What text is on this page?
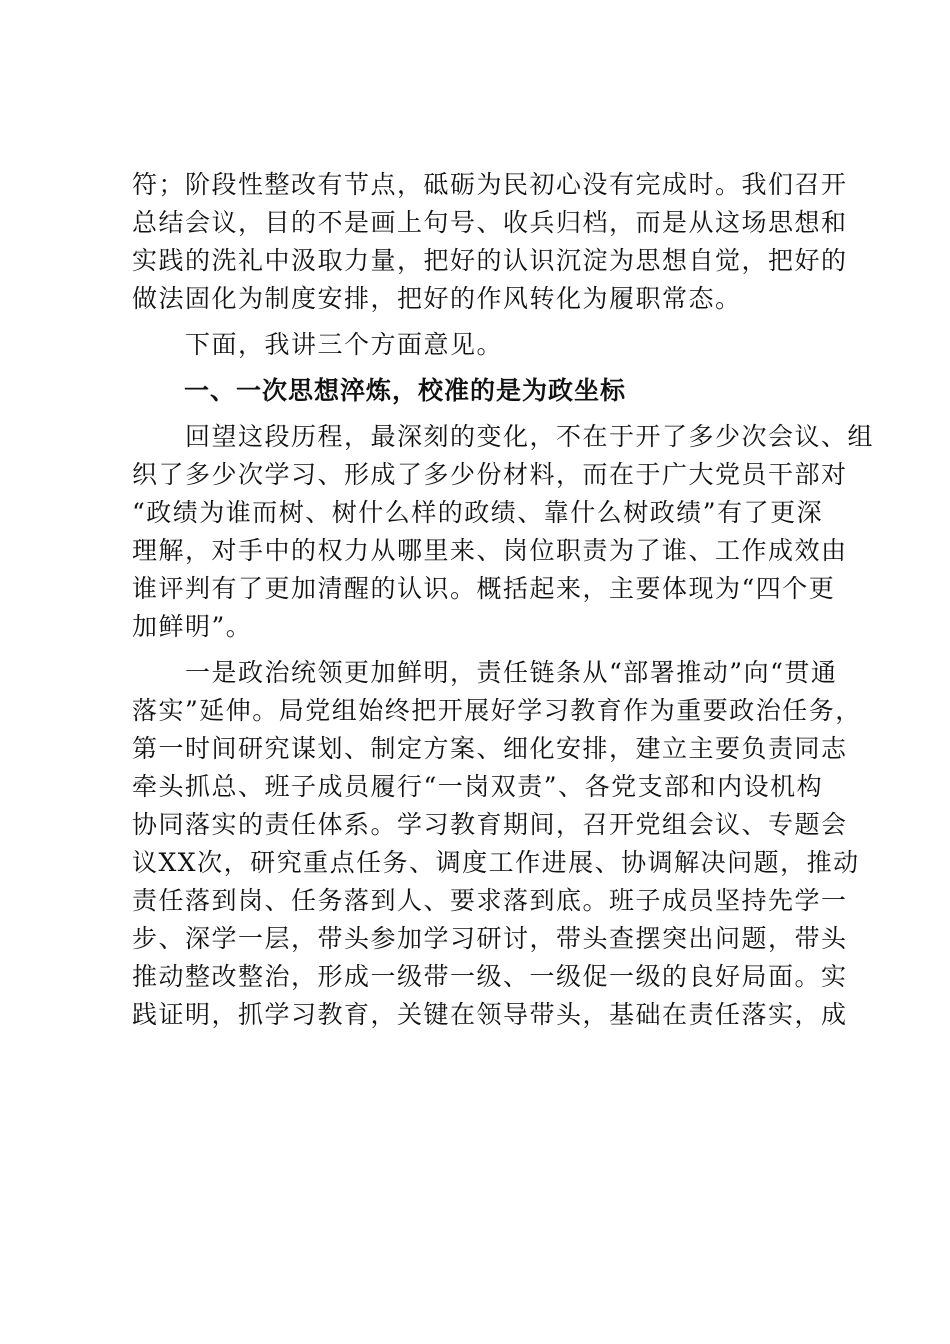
符；阶段性整改有节点，砥砺为民初心没有完成时。我们召开
总结会议，目的不是画上句号、收兵归档，而是从这场思想和
实践的洗礼中汲取力量，把好的认识沉淀为思想自觉，把好的
做法固化为制度安排，把好的作风转化为履职常态。
　　下面，我讲三个方面意见。
　　一、一次思想淬炼，校准的是为政坐标
　　回望这段历程，最深刻的变化，不在于开了多少次会议、组
织了多少次学习、形成了多少份材料，而在于广大党员干部对
“政绩为谁而树、树什么样的政绩、靠什么树政绩”有了更深
理解，对手中的权力从哪里来、岗位职责为了谁、工作成效由
谁评判有了更加清醒的认识。概括起来，主要体现为“四个更
加鲜明”。
　　一是政治统领更加鲜明，责任链条从“部署推动”向“贯通
落实”延伸。局党组始终把开展好学习教育作为重要政治任务，
第一时间研究谋划、制定方案、细化安排，建立主要负责同志
牵头抓总、班子成员履行“一岗双责”、各党支部和内设机构
协同落实的责任体系。学习教育期间，召开党组会议、专题会
议XX次，研究重点任务、调度工作进展、协调解决问题，推动
责任落到岗、任务落到人、要求落到底。班子成员坚持先学一
步、深学一层，带头参加学习研讨，带头查摆突出问题，带头
推动整改整治，形成一级带一级、一级促一级的良好局面。实
践证明，抓学习教育，关键在领导带头，基础在责任落实，成
